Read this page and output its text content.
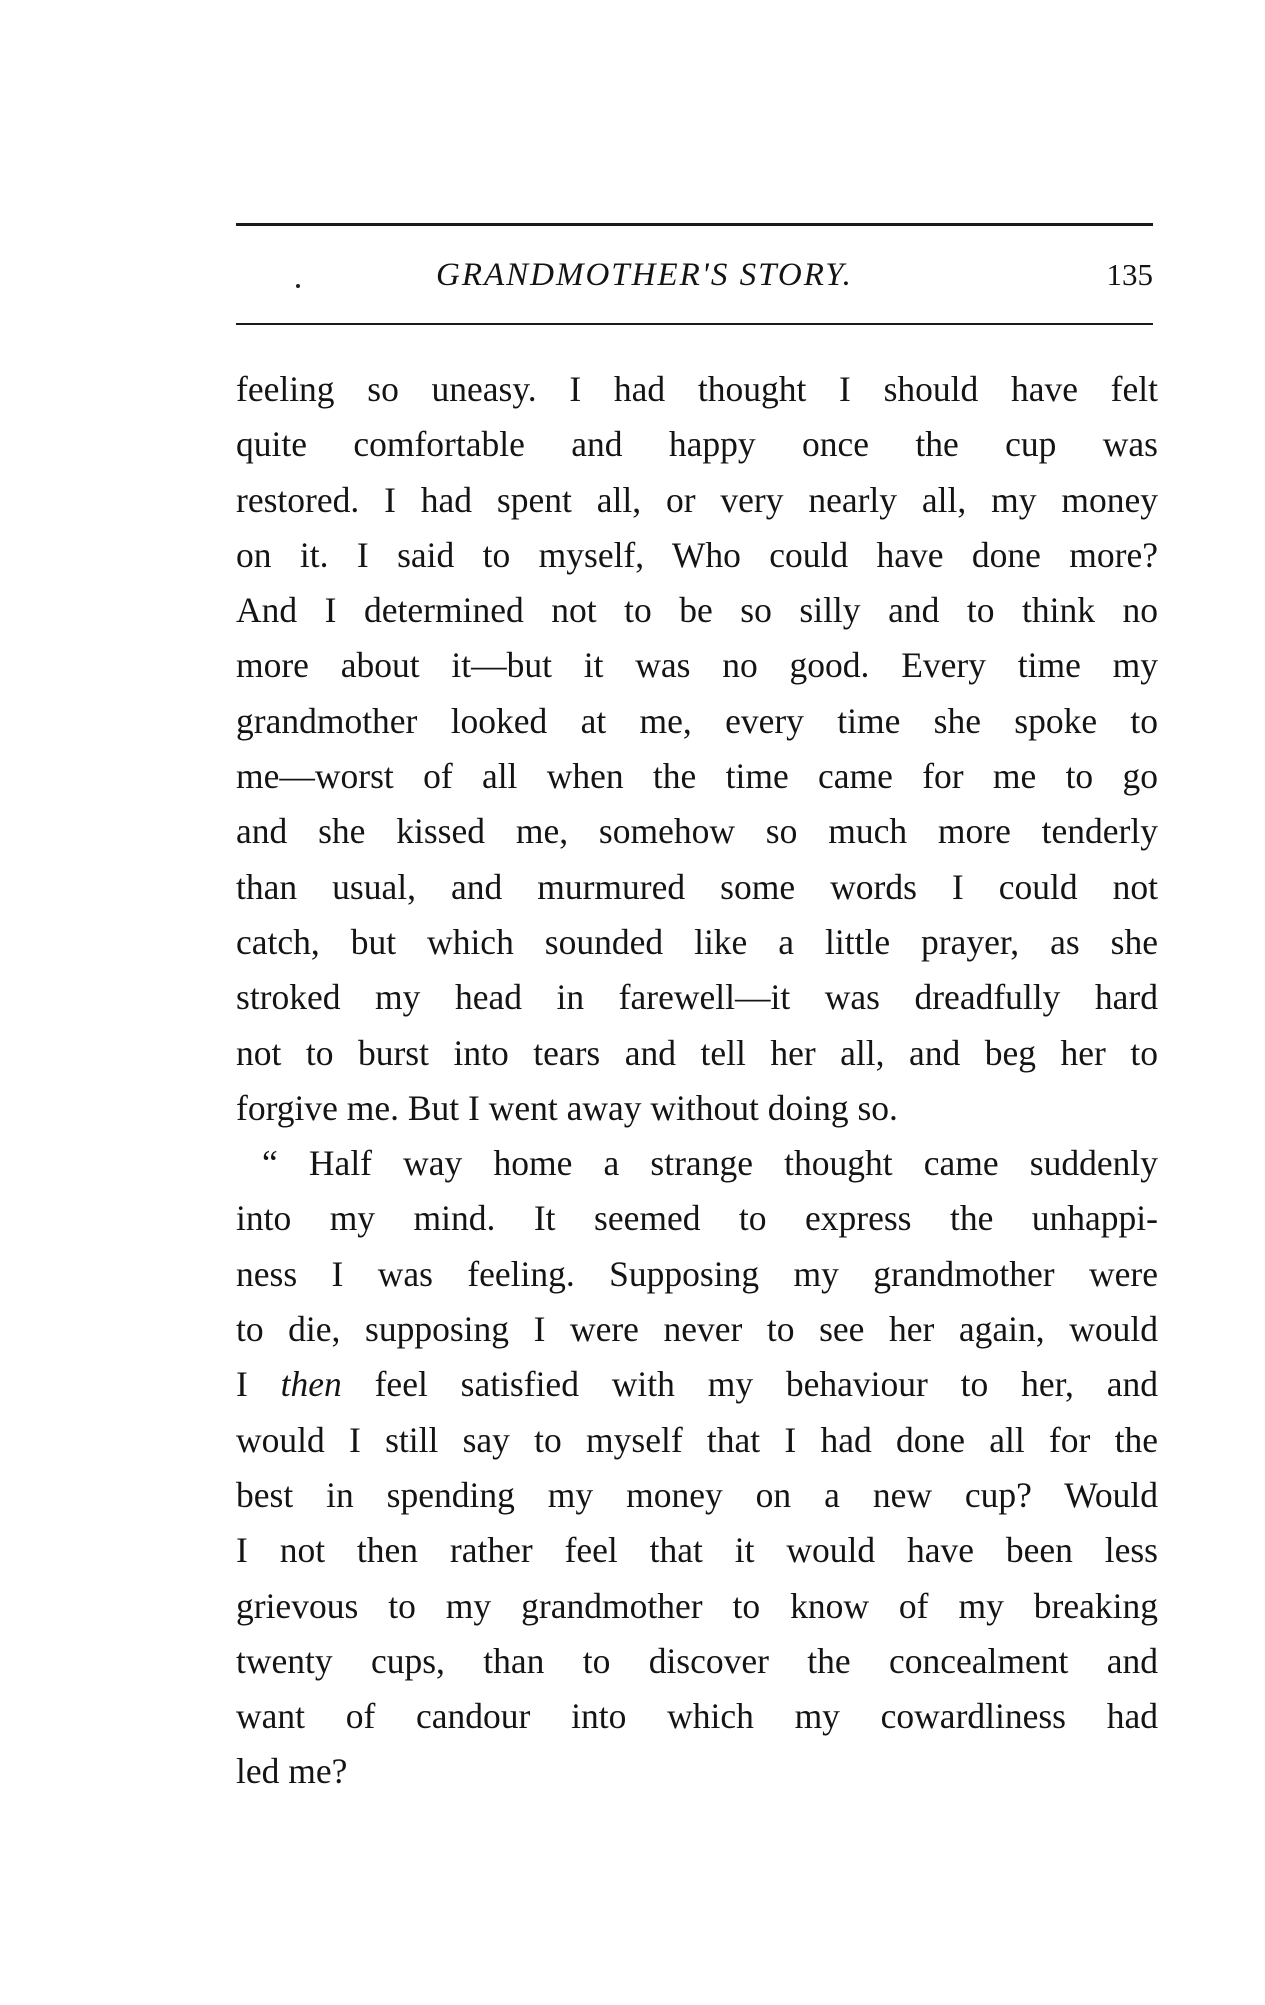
GRANDMOTHER'S STORY.	135
feeling so uneasy. I had thought I should have felt
quite comfortable and happy once the cup was
restored. I had spent all, or very nearly all, my money
on it. I said to myself, Who could have done more?
And I determined not to be so silly and to think no
more about it—but it was no good. Every time my
grandmother looked at me, every time she spoke to
me—worst of all when the time came for me to go
and she kissed me, somehow so much more tenderly
than usual, and murmured some words I could not
catch, but which sounded like a little prayer, as she
stroked my head in farewell—it was dreadfully hard
not to burst into tears and tell her all, and beg her to
forgive me. But I went away without doing so.
“ Half way home a strange thought came suddenly
into my mind. It seemed to express the unhappi-
ness I was feeling. Supposing my grandmother were
to die, supposing I were never to see her again, would
I then feel satisfied with my behaviour to her, and
would I still say to myself that I had done all for the
best in spending my money on a new cup? Would
I not then rather feel that it would have been less
grievous to my grandmother to know of my breaking
twenty cups, than to discover the concealment and
want of candour into which my cowardliness had
led me?
